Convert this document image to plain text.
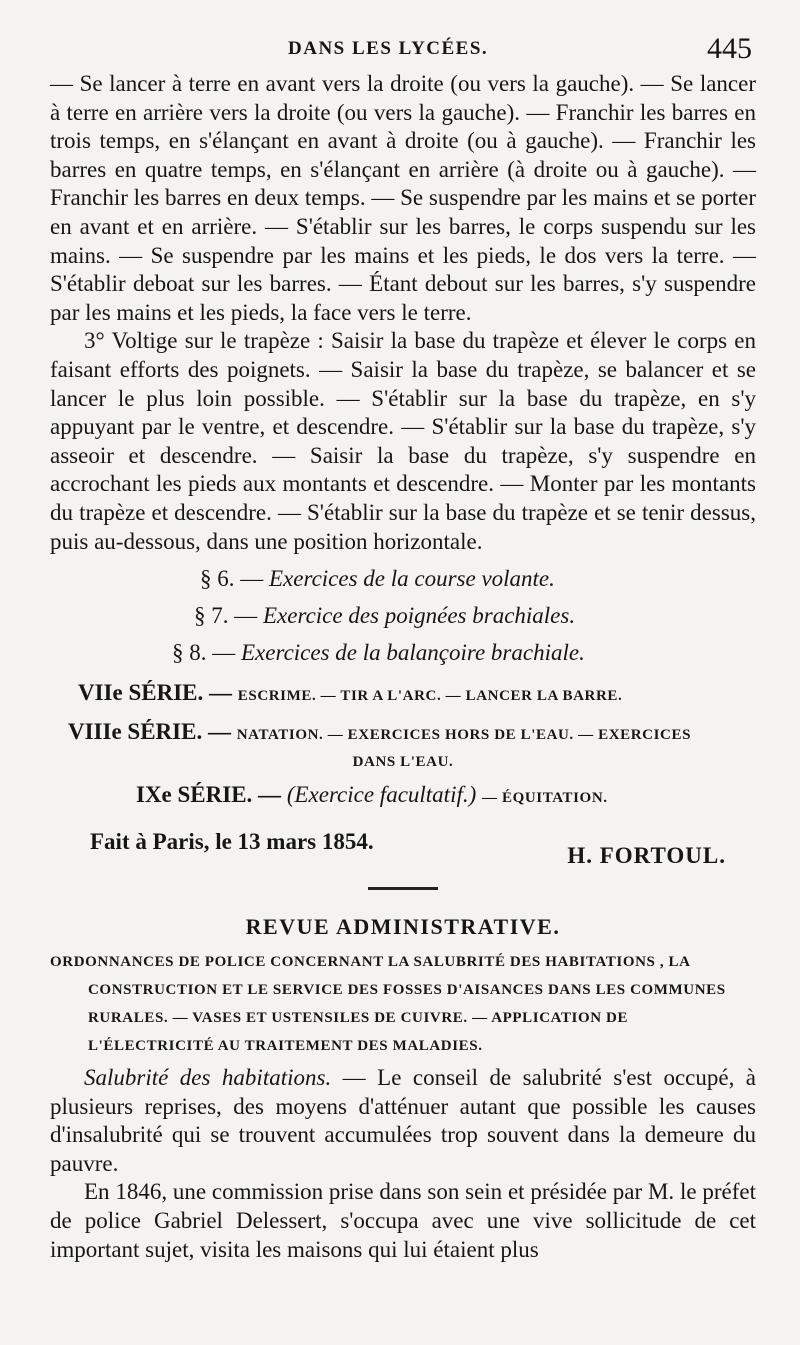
DANS LES LYCÉES.	445

— Se lancer à terre en avant vers la droite (ou vers la gauche). — Se lancer à terre en arrière vers la droite (ou vers la gauche). — Franchir les barres en trois temps, en s'élançant en avant à droite (ou à gauche). — Franchir les barres en quatre temps, en s'élançant en arrière (à droite ou à gauche). — Franchir les barres en deux temps. — Se suspendre par les mains et se porter en avant et en arrière. — S'établir sur les barres, le corps suspendu sur les mains. — Se suspendre par les mains et les pieds, le dos vers la terre. — S'établir deboat sur les barres. — Étant debout sur les barres, s'y suspendre par les mains et les pieds, la face vers le terre.

3° Voltige sur le trapèze : Saisir la base du trapèze et élever le corps en faisant efforts des poignets. — Saisir la base du trapèze, se balancer et se lancer le plus loin possible. — S'établir sur la base du trapèze, en s'y appuyant par le ventre, et descendre. — S'établir sur la base du trapèze, s'y asseoir et descendre. — Saisir la base du trapèze, s'y suspendre en accrochant les pieds aux montants et descendre. — Monter par les montants du trapèze et descendre. — S'établir sur la base du trapèze et se tenir dessus, puis au-dessous, dans une position horizontale.

§ 6. — Exercices de la course volante.
§ 7. — Exercice des poignées brachiales.
§ 8. — Exercices de la balançoire brachiale.
VIIe SÉRIE. — ESCRIME. — TIR A L'ARC. — LANCER LA BARRE.
VIIIe SÉRIE. — NATATION. — EXERCICES HORS DE L'EAU. — EXERCICES
DANS L'EAU.
IXe SÉRIE. — (Exercice facultatif.) — ÉQUITATION.
Fait à Paris, le 13 mars 1854.
H. FORTOUL.
REVUE ADMINISTRATIVE.
ORDONNANCES DE POLICE CONCERNANT LA SALUBRITÉ DES HABITATIONS , LA
CONSTRUCTION ET LE SERVICE DES FOSSES D'AISANCES DANS LES COMMUNES
RURALES. — VASES ET USTENSILES DE CUIVRE. — APPLICATION DE
L'ÉLECTRICITÉ AU TRAITEMENT DES MALADIES.

Salubrité des habitations. — Le conseil de salubrité s'est occupé, à plusieurs reprises, des moyens d'atténuer autant que possible les causes d'insalubrité qui se trouvent accumulées trop souvent dans la demeure du pauvre.

En 1846, une commission prise dans son sein et présidée par M. le préfet de police Gabriel Delessert, s'occupa avec une vive sollicitude de cet important sujet, visita les maisons qui lui étaient plus
